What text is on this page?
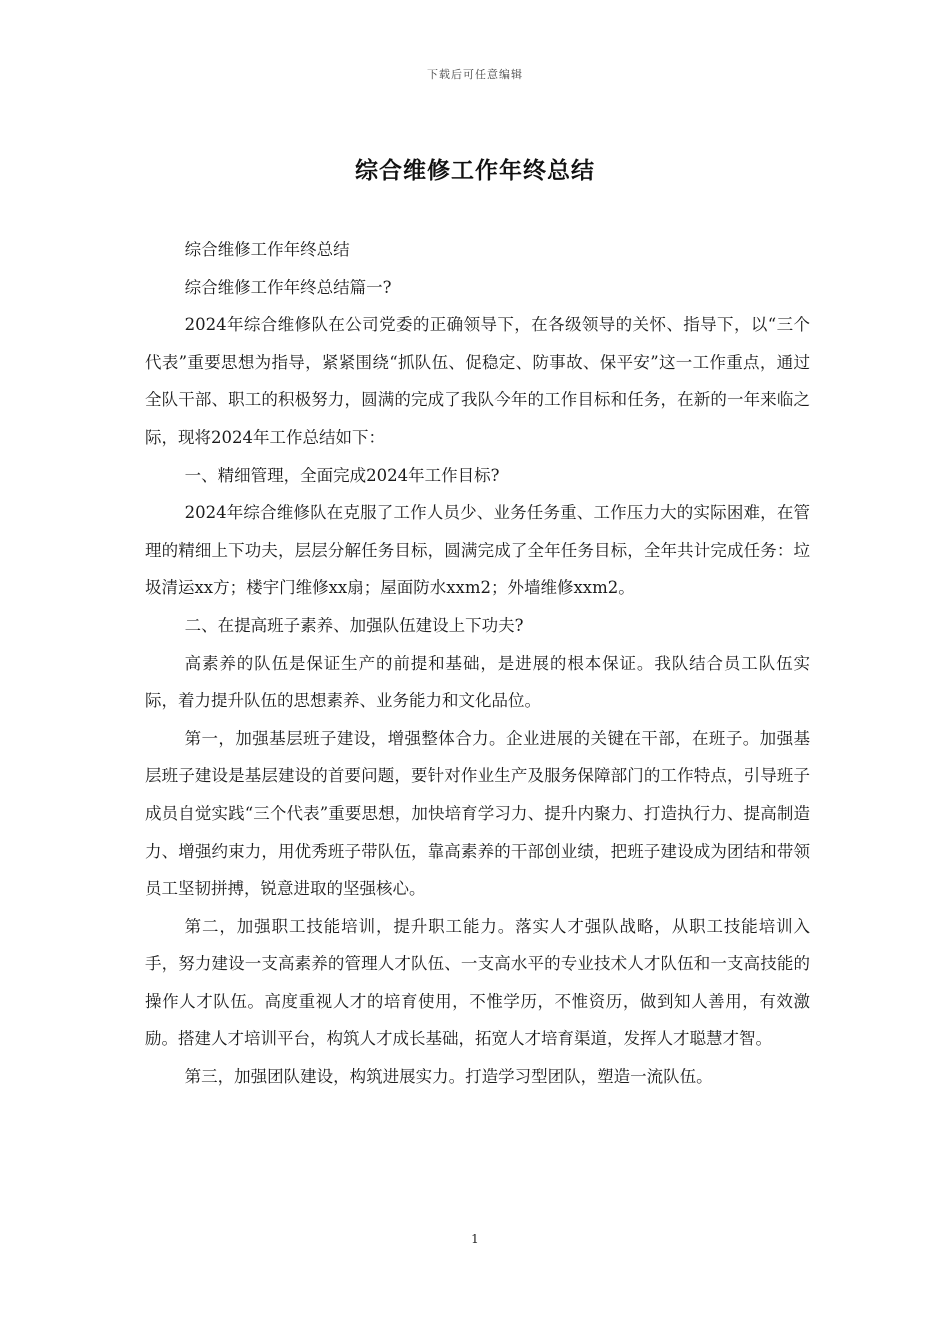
下载后可任意编辑
综合维修工作年终总结

综合维修工作年终总结

综合维修工作年终总结篇一?

2024年综合维修队在公司党委的正确领导下，在各级领导的关怀、指导下，以“三个代表”重要思想为指导，紧紧围绕“抓队伍、促稳定、防事故、保平安”这一工作重点，通过全队干部、职工的积极努力，圆满的完成了我队今年的工作目标和任务，在新的一年来临之际，现将2024年工作总结如下：

一、精细管理，全面完成2024年工作目标?

2024年综合维修队在克服了工作人员少、业务任务重、工作压力大的实际困难，在管理的精细上下功夫，层层分解任务目标，圆满完成了全年任务目标，全年共计完成任务：垃圾清运xx方；楼宇门维修xx扇；屋面防水xxm2；外墙维修xxm2。

二、在提高班子素养、加强队伍建设上下功夫?

高素养的队伍是保证生产的前提和基础，是进展的根本保证。我队结合员工队伍实际，着力提升队伍的思想素养、业务能力和文化品位。

第一，加强基层班子建设，增强整体合力。企业进展的关键在干部，在班子。加强基层班子建设是基层建设的首要问题，要针对作业生产及服务保障部门的工作特点，引导班子成员自觉实践“三个代表”重要思想，加快培育学习力、提升内聚力、打造执行力、提高制造力、增强约束力，用优秀班子带队伍，靠高素养的干部创业绩，把班子建设成为团结和带领员工坚韧拼搏，锐意进取的坚强核心。

第二，加强职工技能培训，提升职工能力。落实人才强队战略，从职工技能培训入手，努力建设一支高素养的管理人才队伍、一支高水平的专业技术人才队伍和一支高技能的操作人才队伍。高度重视人才的培育使用，不惟学历，不惟资历，做到知人善用，有效激励。搭建人才培训平台，构筑人才成长基础，拓宽人才培育渠道，发挥人才聪慧才智。

第三，加强团队建设，构筑进展实力。打造学习型团队，塑造一流队伍。

1
